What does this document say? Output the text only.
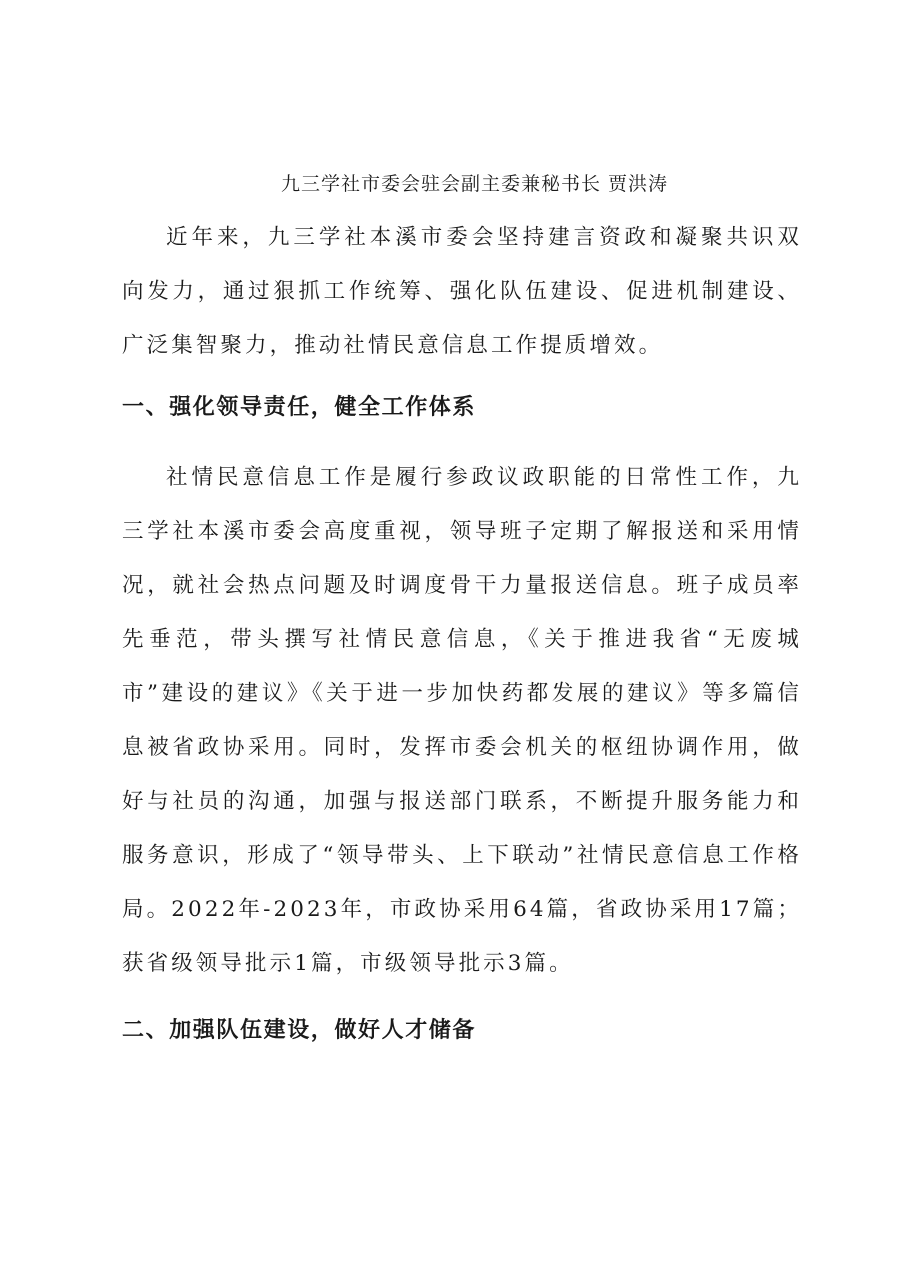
九三学社市委会驻会副主委兼秘书长 贾洪涛

近年来，九三学社本溪市委会坚持建言资政和凝聚共识双向发力，通过狠抓工作统筹、强化队伍建设、促进机制建设、广泛集智聚力，推动社情民意信息工作提质增效。

一、强化领导责任，健全工作体系

社情民意信息工作是履行参政议政职能的日常性工作，九三学社本溪市委会高度重视，领导班子定期了解报送和采用情况，就社会热点问题及时调度骨干力量报送信息。班子成员率先垂范，带头撰写社情民意信息，《关于推进我省“无废城市”建设的建议》《关于进一步加快药都发展的建议》等多篇信息被省政协采用。同时，发挥市委会机关的枢纽协调作用，做好与社员的沟通，加强与报送部门联系，不断提升服务能力和服务意识，形成了“领导带头、上下联动”社情民意信息工作格局。2022年-2023年，市政协采用64篇，省政协采用17篇；获省级领导批示1篇，市级领导批示3篇。

二、加强队伍建设，做好人才储备
